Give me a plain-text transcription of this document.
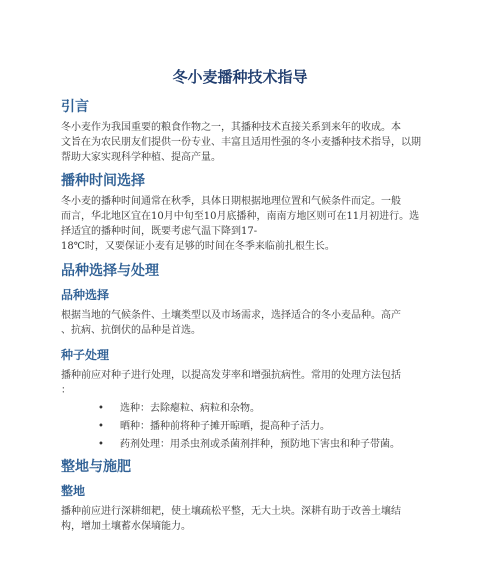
冬小麦播种技术指导
引言
冬小麦作为我国重要的粮食作物之一，其播种技术直接关系到来年的收成。本
文旨在为农民朋友们提供一份专业、丰富且适用性强的冬小麦播种技术指导，以期
帮助大家实现科学种植、提高产量。
播种时间选择
冬小麦的播种时间通常在秋季，具体日期根据地理位置和气候条件而定。一般
而言，华北地区宜在10月中旬至10月底播种，南南方地区则可在11月初进行。选
择适宜的播种时间，既要考虑气温下降到17-
18℃时，又要保证小麦有足够的时间在冬季来临前扎根生长。
品种选择与处理
品种选择
根据当地的气候条件、土壤类型以及市场需求，选择适合的冬小麦品种。高产
、抗病、抗倒伏的品种是首选。
种子处理
播种前应对种子进行处理，以提高发芽率和增强抗病性。常用的处理方法包括
：
• 选种：去除瘪粒、病粒和杂物。
• 晒种：播种前将种子摊开晾晒，提高种子活力。
• 药剂处理：用杀虫剂或杀菌剂拌种，预防地下害虫和种子带菌。
整地与施肥
整地
播种前应进行深耕细耙，使土壤疏松平整，无大土块。深耕有助于改善土壤结
构，增加土壤蓄水保墒能力。
